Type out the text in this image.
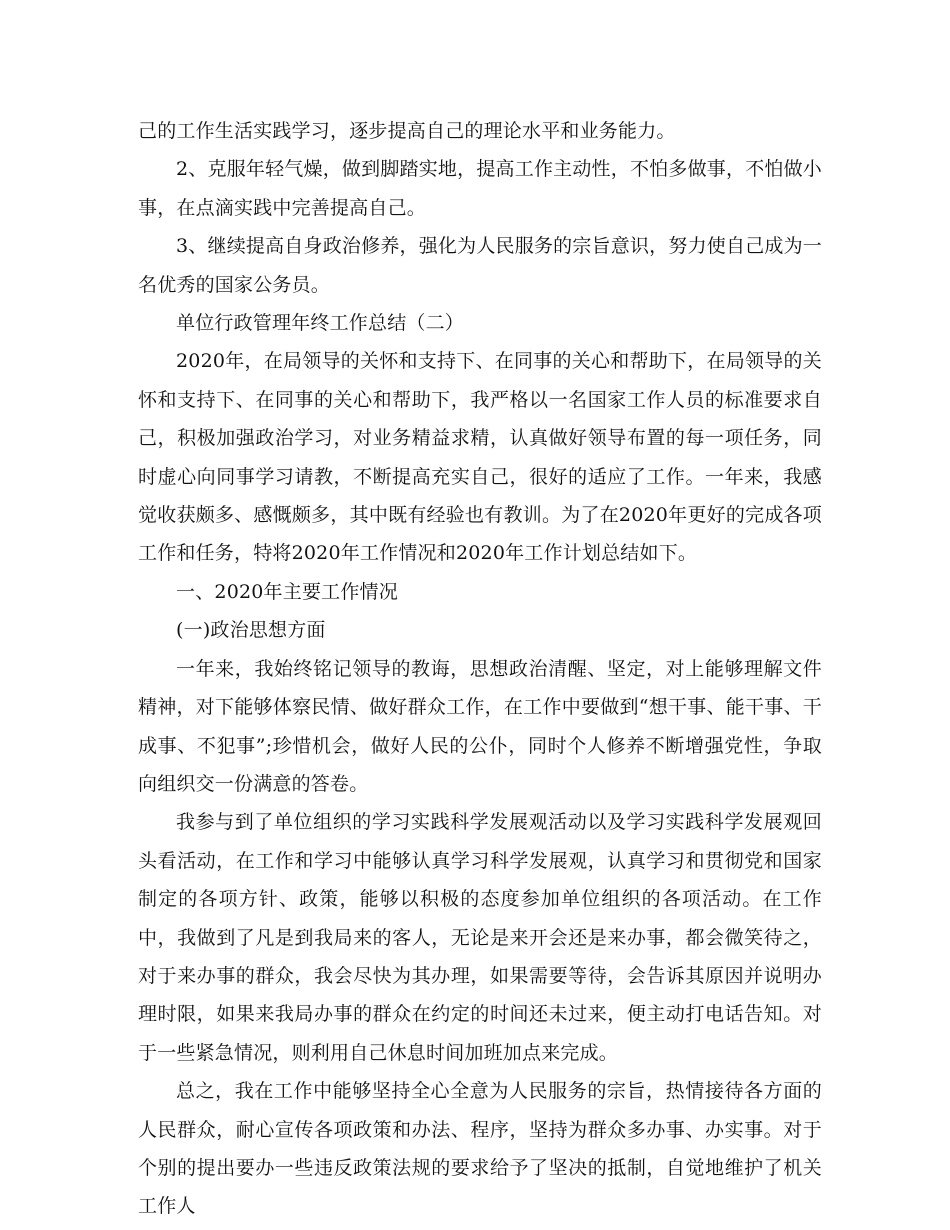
己的工作生活实践学习，逐步提高自己的理论水平和业务能力。

2、克服年轻气燥，做到脚踏实地，提高工作主动性，不怕多做事，不怕做小事，在点滴实践中完善提高自己。

3、继续提高自身政治修养，强化为人民服务的宗旨意识，努力使自己成为一名优秀的国家公务员。

单位行政管理年终工作总结（二）

2020年，在局领导的关怀和支持下、在同事的关心和帮助下，在局领导的关怀和支持下、在同事的关心和帮助下，我严格以一名国家工作人员的标准要求自己，积极加强政治学习，对业务精益求精，认真做好领导布置的每一项任务，同时虚心向同事学习请教，不断提高充实自己，很好的适应了工作。一年来，我感觉收获颇多、感慨颇多，其中既有经验也有教训。为了在2020年更好的完成各项工作和任务，特将2020年工作情况和2020年工作计划总结如下。

一、2020年主要工作情况

(一)政治思想方面

一年来，我始终铭记领导的教诲，思想政治清醒、坚定，对上能够理解文件精神，对下能够体察民情、做好群众工作，在工作中要做到“想干事、能干事、干成事、不犯事”;珍惜机会，做好人民的公仆，同时个人修养不断增强党性，争取向组织交一份满意的答卷。

我参与到了单位组织的学习实践科学发展观活动以及学习实践科学发展观回头看活动，在工作和学习中能够认真学习科学发展观，认真学习和贯彻党和国家制定的各项方针、政策，能够以积极的态度参加单位组织的各项活动。在工作中，我做到了凡是到我局来的客人，无论是来开会还是来办事，都会微笑待之，对于来办事的群众，我会尽快为其办理，如果需要等待，会告诉其原因并说明办理时限，如果来我局办事的群众在约定的时间还未过来，便主动打电话告知。对于一些紧急情况，则利用自己休息时间加班加点来完成。

总之，我在工作中能够坚持全心全意为人民服务的宗旨，热情接待各方面的人民群众，耐心宣传各项政策和办法、程序，坚持为群众多办事、办实事。对于个别的提出要办一些违反政策法规的要求给予了坚决的抵制，自觉地维护了机关工作人
